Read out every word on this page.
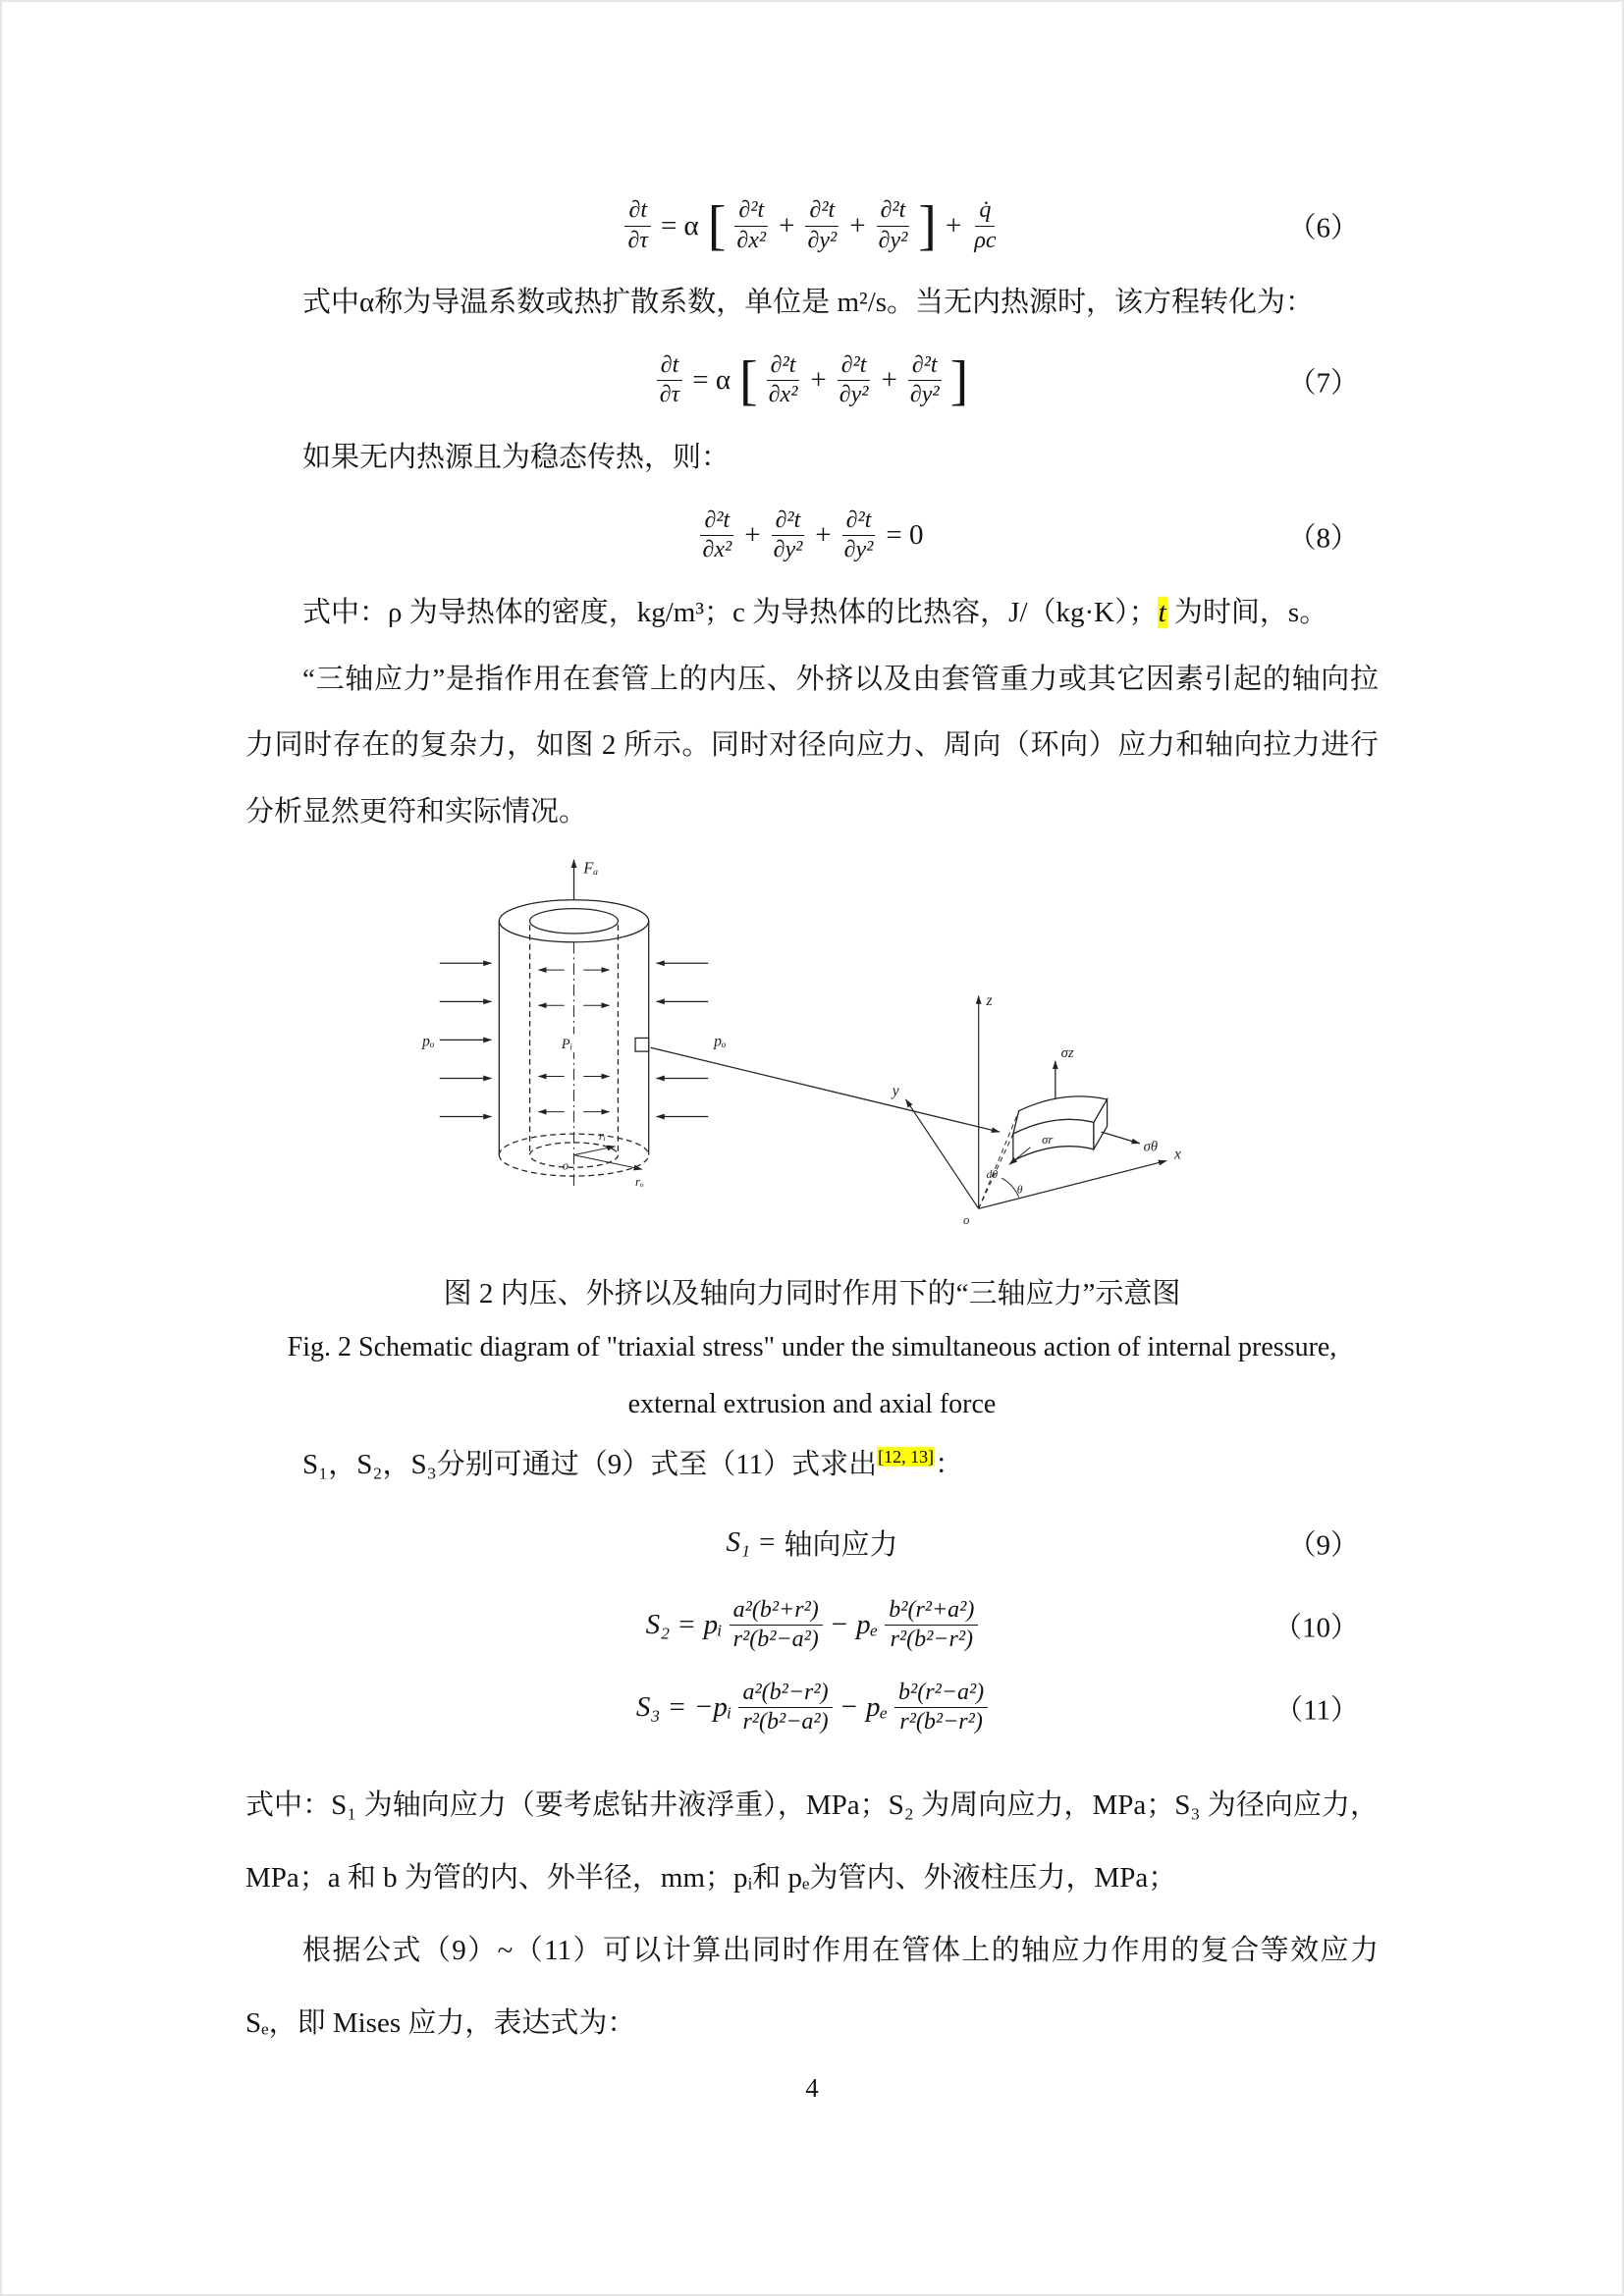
$\frac{\partial t}{\partial\tau} = \alpha$ [ $\frac{\text{∂²t}}{\text{∂x²}} + \frac{\text{∂²t}}{\text{∂y²}} + \frac{\text{∂²t}}{\text{∂y²}}$ ] + $\frac{q̇}{\rho c}$	（6）

式中α称为导温系数或热扩散系数，单位是 m²/s。当无内热源时，该方程转化为：

$\frac{\partial t}{\partial\tau} = \alpha$ [ $\frac{\text{∂²t}}{\text{∂x²}} + \frac{\text{∂²t}}{\text{∂y²}} + \frac{\text{∂²t}}{\text{∂y²}}$ ]	（7）

如果无内热源且为稳态传热，则：

$\frac{\text{∂²t}}{\text{∂x²}} + \frac{\text{∂²t}}{\text{∂y²}} + \frac{\text{∂²t}}{\text{∂y²}} = 0$	（8）

式中：ρ 为导热体的密度，kg/m³；c 为导热体的比热容，J/（kg·K）；t 为时间，s。

“三轴应力”是指作用在套管上的内压、外挤以及由套管重力或其它因素引起的轴向拉力同时存在的复杂力，如图 2 所示。同时对径向应力、周向（环向）应力和轴向拉力进行分析显然更符和实际情况。

Fₐ
pₒ	pₒ
Pᵢ
o
rᵢ
rₒ
z
x
y
o
σz
σθ
σr
dθ
θ
图 2 内压、外挤以及轴向力同时作用下的“三轴应力”示意图

Fig. 2 Schematic diagram of "triaxial stress" under the simultaneous action of internal pressure,

external extrusion and axial force

S₁，S₂，S₃分别可通过（9）式至（11）式求出[12, 13]：

S₁ = 轴向应力	（9）
S₂ = pᵢ $\frac{\text{a²(b²+r²)}}{\text{r²(b²−a²)}} - p_e \frac{\text{b²(r²+a²)}}{\text{r²(b²−r²)}}$	（10）
S₃ = −pᵢ $\frac{\text{a²(b²−r²)}}{\text{r²(b²−a²)}} - p_e \frac{\text{b²(r²−a²)}}{\text{r²(b²−r²)}}$	（11）

式中：S₁ 为轴向应力（要考虑钻井液浮重），MPa；S₂ 为周向应力，MPa；S₃ 为径向应力，MPa；a 和 b 为管的内、外半径，mm；pᵢ和 pₑ为管内、外液柱压力，MPa；

根据公式（9）~（11）可以计算出同时作用在管体上的轴应力作用的复合等效应力 Sₑ，即 Mises 应力，表达式为：

4
